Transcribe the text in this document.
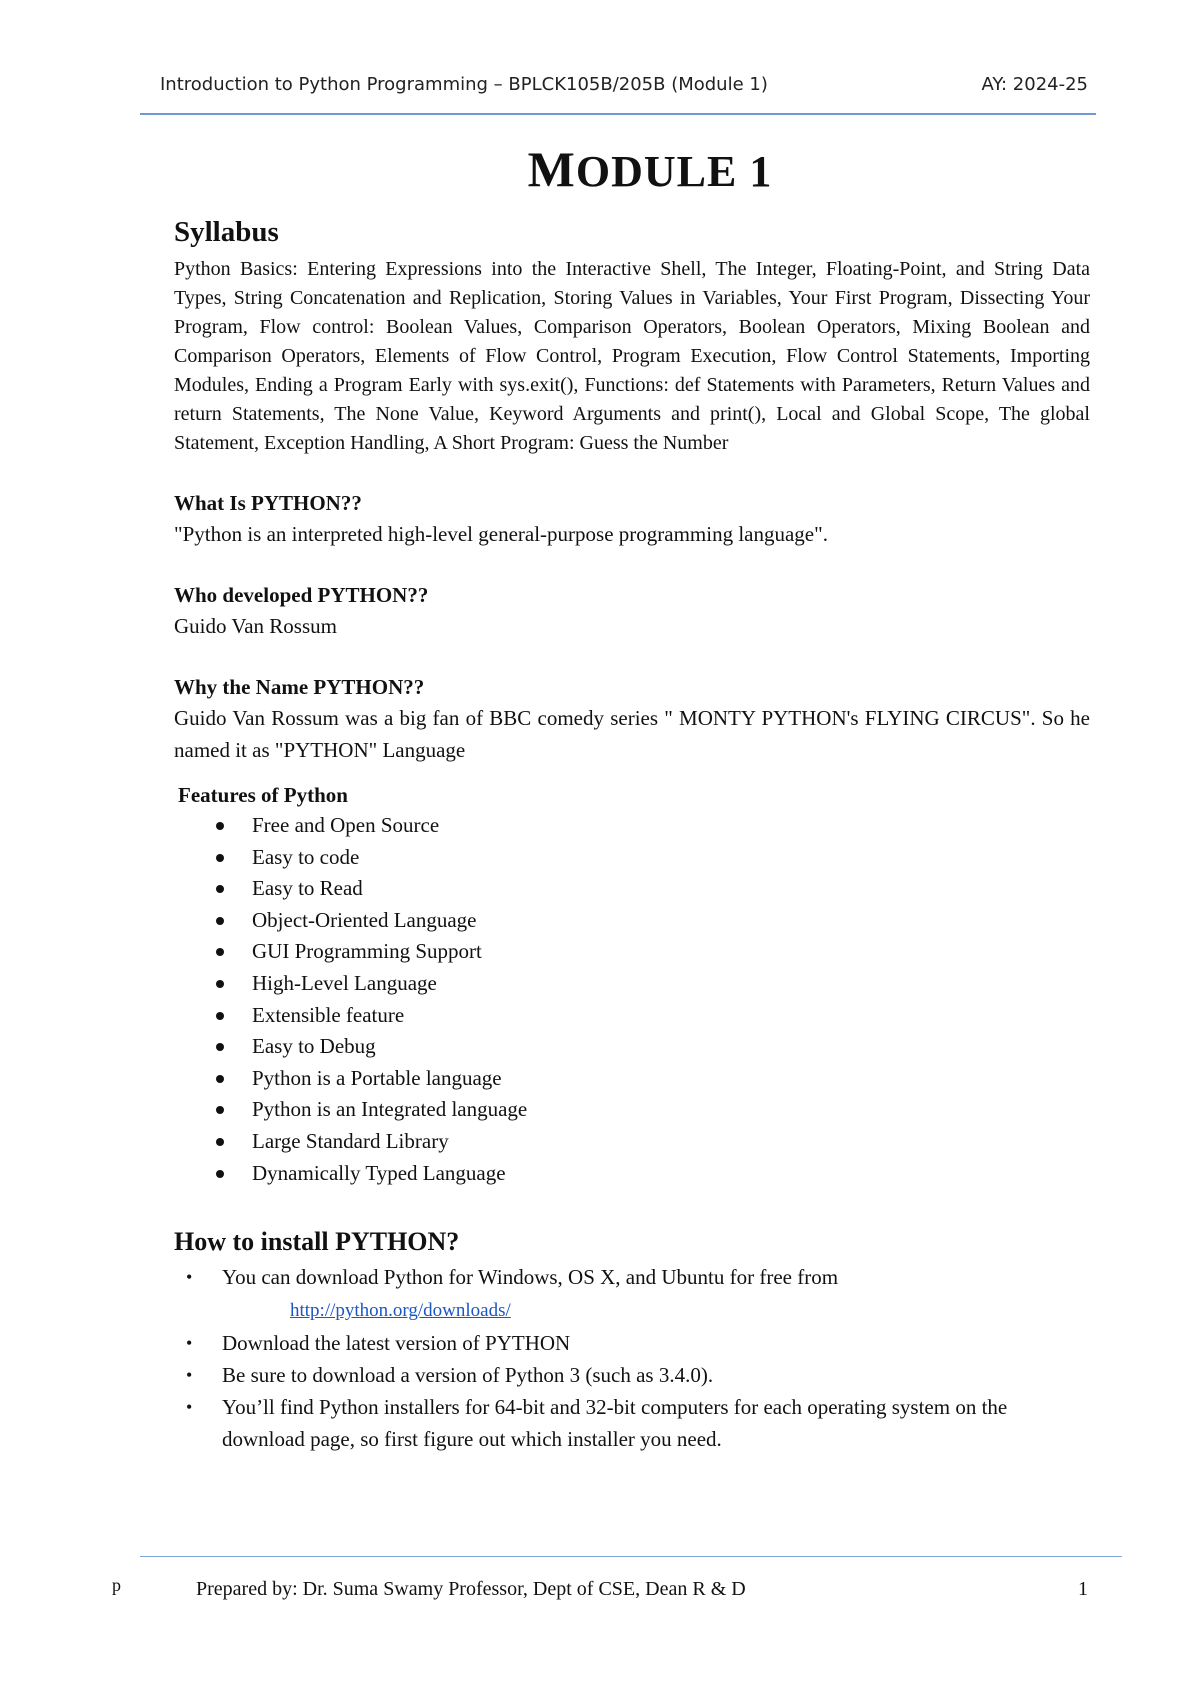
Introduction to Python Programming – BPLCK105B/205B (Module 1)	AY: 2024-25
MODULE 1
Syllabus

Python Basics: Entering Expressions into the Interactive Shell, The Integer, Floating-Point, and String Data Types, String Concatenation and Replication, Storing Values in Variables, Your First Program, Dissecting Your Program, Flow control: Boolean Values, Comparison Operators, Boolean Operators, Mixing Boolean and Comparison Operators, Elements of Flow Control, Program Execution, Flow Control Statements, Importing Modules, Ending a Program Early with sys.exit(), Functions: def Statements with Parameters, Return Values and return Statements, The None Value, Keyword Arguments and print(), Local and Global Scope, The global Statement, Exception Handling, A Short Program: Guess the Number

What Is PYTHON??

"Python is an interpreted high-level general-purpose programming language".

Who developed PYTHON??

Guido Van Rossum

Why the Name PYTHON??

Guido Van Rossum was a big fan of BBC comedy series " MONTY PYTHON's FLYING CIRCUS". So he named it as "PYTHON" Language

Features of Python

Free and Open Source
Easy to code
Easy to Read
Object-Oriented Language
GUI Programming Support
High-Level Language
Extensible feature
Easy to Debug
Python is a Portable language
Python is an Integrated language
Large Standard Library
Dynamically Typed Language
How to install PYTHON?
• You can download Python for Windows, OS X, and Ubuntu for free from
http://python.org/downloads/
• Download the latest version of PYTHON
• Be sure to download a version of Python 3 (such as 3.4.0).
• You’ll find Python installers for 64-bit and 32-bit computers for each operating system on the download page, so first figure out which installer you need.
p	Prepared by: Dr. Suma Swamy Professor, Dept of CSE, Dean R & D	1
